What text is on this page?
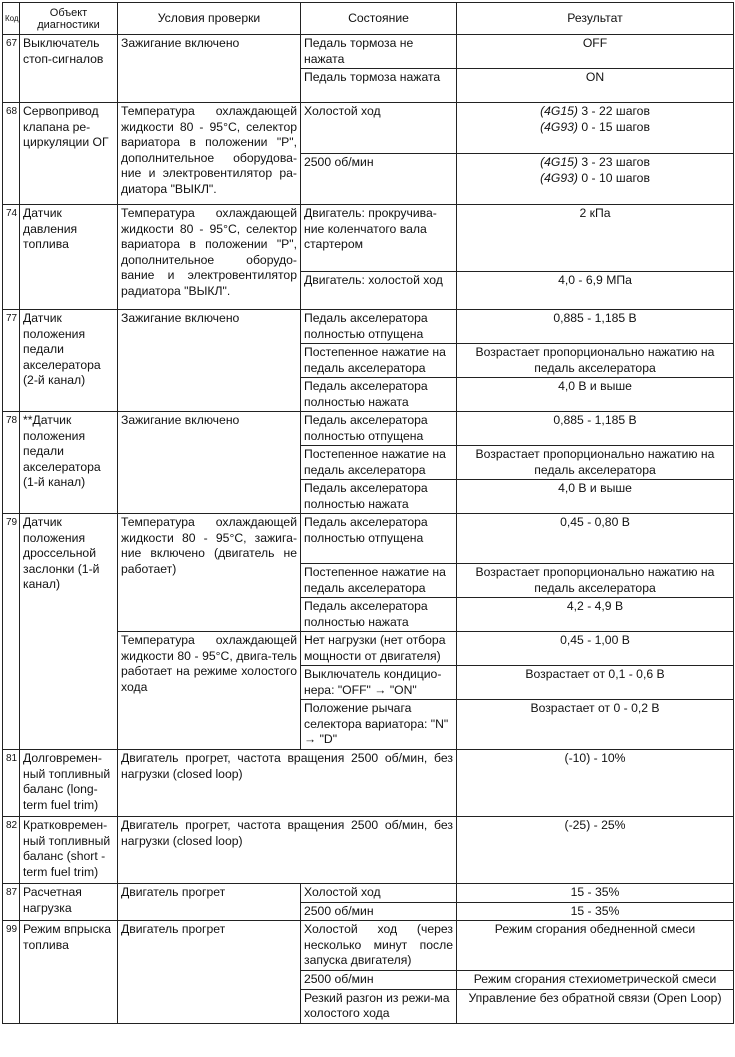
Код	Объект диагностики	Условия проверки	Состояние	Результат
67	Выключатель стоп-сигналов	Зажигание включено	Педаль тормоза не нажата	OFF
			Педаль тормоза нажата	ON
68	Сервопривод клапана ре-циркуляции ОГ	Температура охлаждающей жидкости 80 - 95°С, селектор вариатора в положении "P", дополнительное оборудова-ние и электровентилятор ра-диатора "ВЫКЛ".	Холостой ход	(4G15) 3 - 22 шагов
(4G93) 0 - 15 шагов

			2500 об/мин	(4G15) 3 - 23 шагов
(4G93) 0 - 10 шагов

74	Датчик давления топлива	Температура охлаждающей жидкости 80 - 95°С, селектор вариатора в положении "P", дополнительное оборудо-вание и электровентилятор радиатора "ВЫКЛ".	Двигатель: прокручива-ние коленчатого вала стартером	2 кПа
			Двигатель: холостой ход	4,0 - 6,9 МПа
77	Датчик положения педали акселератора (2-й канал)	Зажигание включено	Педаль акселератора полностью отпущена	0,885 - 1,185 В
			Постепенное нажатие на педаль акселератора	Возрастает пропорционально нажатию на педаль акселератора
			Педаль акселератора полностью нажата	4,0 В и выше
78	**Датчик положения педали акселератора (1-й канал)	Зажигание включено	Педаль акселератора полностью отпущена	0,885 - 1,185 В
			Постепенное нажатие на педаль акселератора	Возрастает пропорционально нажатию на педаль акселератора
			Педаль акселератора полностью нажата	4,0 В и выше
79	Датчик положения дроссельной заслонки (1-й канал)	Температура охлаждающей жидкости 80 - 95°С, зажига-ние включено (двигатель не работает)	Педаль акселератора полностью отпущена	0,45 - 0,80 В
			Постепенное нажатие на педаль акселератора	Возрастает пропорционально нажатию на педаль акселератора
			Педаль акселератора полностью нажата	4,2 - 4,9 В
		Температура охлаждающей жидкости 80 - 95°С, двига-тель работает на режиме холостого хода	Нет нагрузки (нет отбора мощности от двигателя)	0,45 - 1,00 В
			Выключатель кондицио-нера: "OFF" → "ON"	Возрастает от 0,1 - 0,6 В
			Положение рычага селектора вариатора: "N" → "D"	Возрастает от 0 - 0,2 В
81	Долговремен-ный топливный баланс (long-term fuel trim)	Двигатель прогрет, частота вращения 2500 об/мин, без нагрузки (closed loop)		(-10) - 10%
82	Кратковремен-ный топливный баланс (short - term fuel trim)	Двигатель прогрет, частота вращения 2500 об/мин, без нагрузки (closed loop)		(-25) - 25%
87	Расчетная нагрузка	Двигатель прогрет	Холостой ход	15 - 35%
			2500 об/мин	15 - 35%
99	Режим впрыска топлива	Двигатель прогрет	Холостой ход (через несколько минут после запуска двигателя)	Режим сгорания обедненной смеси
			2500 об/мин	Режим сгорания стехиометрической смеси
			Резкий разгон из режи-ма холостого хода	Управление без обратной связи (Open Loop)
